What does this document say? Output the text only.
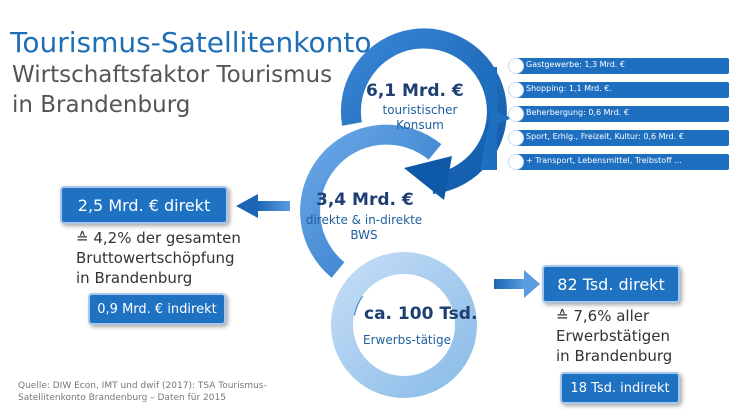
Tourismus-Satellitenkonto
Wirtschaftsfaktor Tourismus
in Brandenburg
6,1 Mrd. €
touristischer
Konsum
3,4 Mrd. €
direkte & in-direkte
BWS
ca. 100 Tsd.
Erwerbs-tätige
Gastgewerbe: 1,3 Mrd. €
Shopping: 1,1 Mrd. €.
Beherbergung: 0,6 Mrd. €
Sport, Erhlg., Freizeit, Kultur: 0,6 Mrd. €
+ Transport, Lebensmittel, Treibstoff ...
2,5 Mrd. € direkt
≙ 4,2% der gesamten
Bruttowertschöpfung
in Brandenburg
0,9 Mrd. € indirekt
82 Tsd. direkt
≙ 7,6% aller
Erwerbstätigen
in Brandenburg
18 Tsd. indirekt
Quelle: DIW Econ, IMT und dwif (2017): TSA Tourismus-
Satellitenkonto Brandenburg – Daten für 2015
